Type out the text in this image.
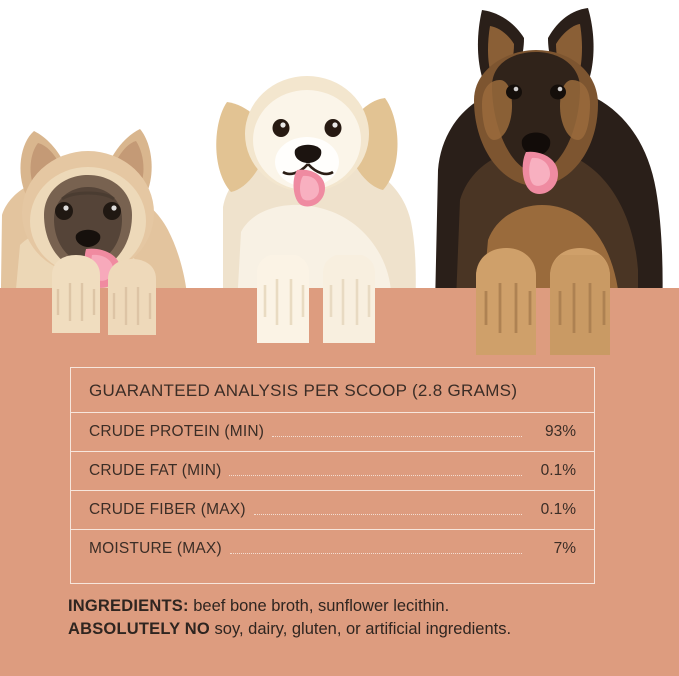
GUARANTEED ANALYSIS PER SCOOP (2.8 GRAMS)
CRUDE PROTEIN (MIN)	93%
CRUDE FAT (MIN)	0.1%
CRUDE FIBER (MAX)	0.1%
MOISTURE (MAX)	7%
INGREDIENTS: beef bone broth, sunflower lecithin.
ABSOLUTELY NO soy, dairy, gluten, or artificial ingredients.
